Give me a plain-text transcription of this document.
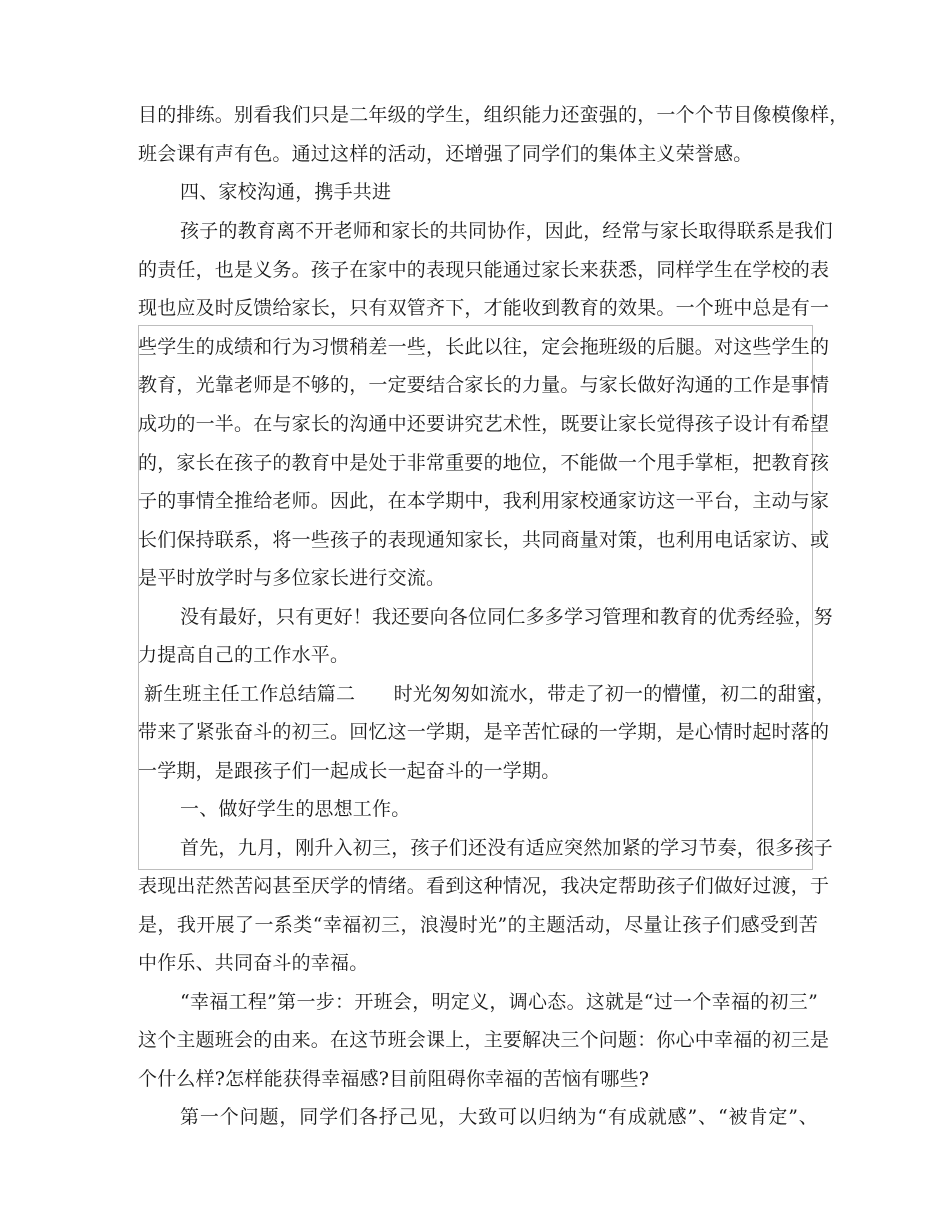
目的排练。别看我们只是二年级的学生，组织能力还蛮强的，一个个节目像模像样，
班会课有声有色。通过这样的活动，还增强了同学们的集体主义荣誉感。
四、家校沟通，携手共进
孩子的教育离不开老师和家长的共同协作，因此，经常与家长取得联系是我们
的责任，也是义务。孩子在家中的表现只能通过家长来获悉，同样学生在学校的表
现也应及时反馈给家长，只有双管齐下，才能收到教育的效果。一个班中总是有一
些学生的成绩和行为习惯稍差一些，长此以往，定会拖班级的后腿。对这些学生的
教育，光靠老师是不够的，一定要结合家长的力量。与家长做好沟通的工作是事情
成功的一半。在与家长的沟通中还要讲究艺术性，既要让家长觉得孩子设计有希望
的，家长在孩子的教育中是处于非常重要的地位，不能做一个甩手掌柜，把教育孩
子的事情全推给老师。因此，在本学期中，我利用家校通家访这一平台，主动与家
长们保持联系，将一些孩子的表现通知家长，共同商量对策，也利用电话家访、或
是平时放学时与多位家长进行交流。
没有最好，只有更好！我还要向各位同仁多多学习管理和教育的优秀经验，努
力提高自己的工作水平。
新生班主任工作总结篇二　　时光匆匆如流水，带走了初一的懵懂，初二的甜蜜，
带来了紧张奋斗的初三。回忆这一学期，是辛苦忙碌的一学期，是心情时起时落的
一学期，是跟孩子们一起成长一起奋斗的一学期。
一、做好学生的思想工作。
首先，九月，刚升入初三，孩子们还没有适应突然加紧的学习节奏，很多孩子
表现出茫然苦闷甚至厌学的情绪。看到这种情况，我决定帮助孩子们做好过渡，于
是，我开展了一系类“幸福初三，浪漫时光”的主题活动，尽量让孩子们感受到苦
中作乐、共同奋斗的幸福。
“幸福工程”第一步：开班会，明定义，调心态。这就是“过一个幸福的初三”
这个主题班会的由来。在这节班会课上，主要解决三个问题：你心中幸福的初三是
个什么样?怎样能获得幸福感?目前阻碍你幸福的苦恼有哪些?
第一个问题，同学们各抒己见，大致可以归纳为“有成就感”、“被肯定”、
